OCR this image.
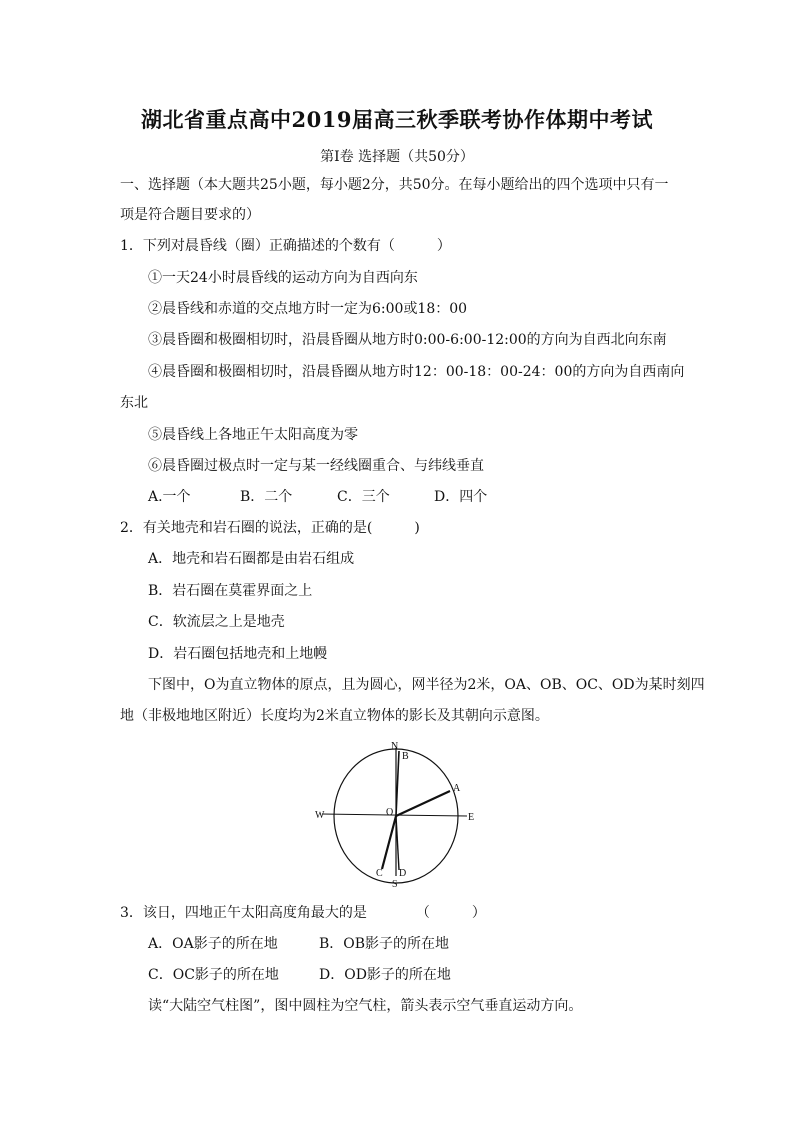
湖北省重点高中2019届高三秋季联考协作体期中考试
第I卷 选择题（共50分）
一、选择题（本大题共25小题，每小题2分，共50分。在每小题给出的四个选项中只有一
项是符合题目要求的）
1．下列对晨昏线（圈）正确描述的个数有（　　　）
①一天24小时晨昏线的运动方向为自西向东
②晨昏线和赤道的交点地方时一定为6:00或18：00
③晨昏圈和极圈相切时，沿晨昏圈从地方时0:00-6:00-12:00的方向为自西北向东南
④晨昏圈和极圈相切时，沿晨昏圈从地方时12：00-18：00-24：00的方向为自西南向
东北
⑤晨昏线上各地正午太阳高度为零
⑥晨昏圈过极点时一定与某一经线圈重合、与纬线垂直
A.一个	B．二个	C．三个	D．四个
2．有关地壳和岩石圈的说法，正确的是(　　　)
A．地壳和岩石圈都是由岩石组成
B．岩石圈在莫霍界面之上
C．软流层之上是地壳
D．岩石圈包括地壳和上地幔
下图中，O为直立物体的原点，且为圆心，网半径为2米，OA、OB、OC、OD为某时刻四
地（非极地地区附近）长度均为2米直立物体的影长及其朝向示意图。
N
B
A
W	O	E
C D
S
3．该日，四地正午太阳高度角最大的是　　　　（　　　）
A．OA影子的所在地	B．OB影子的所在地
C．OC影子的所在地	D．OD影子的所在地
读“大陆空气柱图”，图中圆柱为空气柱，箭头表示空气垂直运动方向。
